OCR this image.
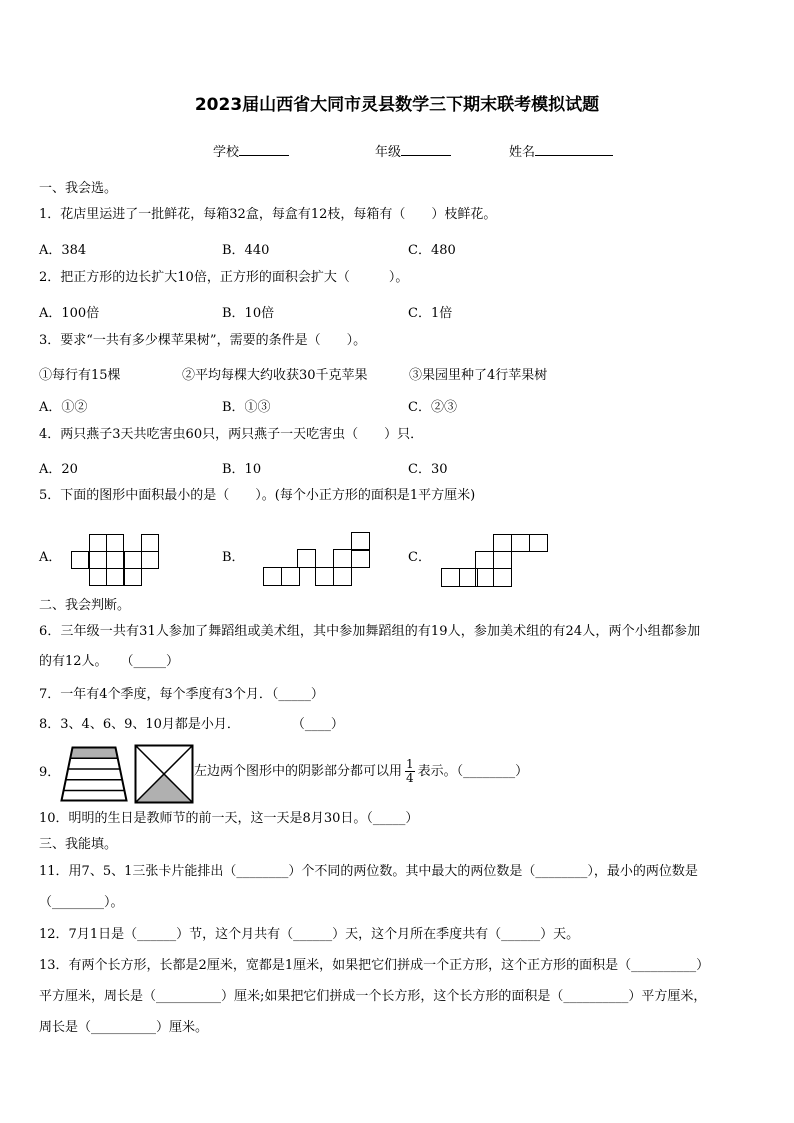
2023届山西省大同市灵县数学三下期末联考模拟试题
学校	年级	姓名
一、我会选。
1．花店里运进了一批鲜花，每箱32盒，每盒有12枝，每箱有（　　）枝鲜花。
A．384	B．440	C．480
2．把正方形的边长扩大10倍，正方形的面积会扩大（　　　）。
A．100倍	B．10倍	C．1倍
3．要求“一共有多少棵苹果树”，需要的条件是（　　）。
①每行有15棵	②平均每棵大约收获30千克苹果	③果园里种了4行苹果树
A．①②	B．①③	C．②③
4．两只燕子3天共吃害虫60只，两只燕子一天吃害虫（　　）只．
A．20	B．10	C．30
5．下面的图形中面积最小的是（　　）。(每个小正方形的面积是1平方厘米)
A．	B．	C．
二、我会判断。
6．三年级一共有31人参加了舞蹈组或美术组，其中参加舞蹈组的有19人，参加美术组的有24人，两个小组都参加
的有12人。　　（_____）
7．一年有4个季度，每个季度有3个月．（_____）
8．3、4、6、9、10月都是小月．　　　　　（____）
9．	左边两个图形中的阴影部分都可以用 $\frac{1}{4}$ 表示。（________）
10．明明的生日是教师节的前一天，这一天是8月30日。（_____）
三、我能填。
11．用7、5、1三张卡片能排出（________）个不同的两位数。其中最大的两位数是（________），最小的两位数是
（________）。
12．7月1日是（______）节，这个月共有（______）天，这个月所在季度共有（______）天。
13．有两个长方形，长都是2厘米，宽都是1厘米，如果把它们拼成一个正方形，这个正方形的面积是（__________）
平方厘米，周长是（__________）厘米;如果把它们拼成一个长方形，这个长方形的面积是（__________）平方厘米，
周长是（__________）厘米。
